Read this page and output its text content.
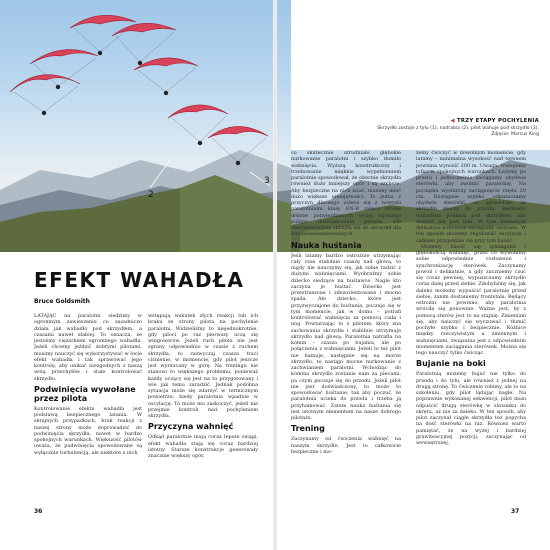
2
3
◀ TRZY ETAPY POCHYLENIA
Skrzydło zostaje z tyłu (1), nadrabia (2), pilot wahuje pod skrzydło (3). Zdjęcie: Marcus King
EFEKT WAHADŁA
Bruce Goldsmith

LATAJĄC na paralotni siedzimy w ogromnym zawieszeniu co zasadniczo działa jak wahadło pod skrzydłem, a czasami nawet słabiej. To oznacza, że jesteśmy ciężarkiem ogromnego wahadła. Jeżeli chcemy jeździć dobrymi pilotami, musimy nauczyć się wykorzystywać w locie efekt wahadła i tak sprawować jego kontrolę, aby unikać niezgodnych z naszą wolą przechyłów i stale kontrolować skrzydło.

Podwinięcia wywołane przez pilota

Kontrolowanie efektu wahadła jest podstawą bezpiecznego latania. W skrajnych przypadkach, brak reakcji z naszej strony może doprowadzić do podwinięcia skrzydła, nawet w bardzo spokojnych warunkach. Większość pilotów uważa, że podwinięcia spowodowane są wyłącznie turbulencją, ale niektóre z nich

wstępują wskutek złych reakcji lub ich braku ze strony pilota na pochylenie paralotni. Widzieliśmy to niejednokrotnie, gdy piloci po raz pierwszy uczą się wingowerów. Jeżeli ruch pilota nie jest zgrany odpowiednio w czasie z ruchem skrzydła, to zazwyczaj czasza traci ciśnienie, w momencie, gdy pilot jeszcze jest wyrzucany w górę. Na treningu nie stanowi to większego problemu, ponieważ każdy uczący się jest na to przygotowany i wie jak temu zaradzić. Jednak podobna sytuacja może się zdarzyć w termicznym powietrzu, kiedy paralotnia wpadnie w oscylację. To może mu zaskoczyć, jeżeli nie przejmie kontroli nad pochyleniem skrzydła.

Przyczyna wahnięć

Odkąd paralotnie mają coraz lepsze osiągi, efekt wahadła stają się coraz bardziej istotny. Starsze konstrukcje generowały znacznie większy opór,

co skutecznie utrudniało głębokie nurkowanie paralotni i szybko tłumiło wahnięcia. Wyższą konstruktorzy i trzebowanie miękkie wypełnieniem paralotnie spowodował, że obecnie skrzydła również dużo mniejszy opór i są szybsze. Aby bezpieczne na nich latać, musimy mieć dużo większe umiejętności. To jedna z przyczyn dlaczego zaleca się z nowymi paralotniami klasy EN-B zaleca stronę dobrze potwierdzonych wyżej ogólnego pułapu doświadczenia pilotów. Ich charakterystyka zbliżyła się do skrzydeł dla średniozaawansowanych.

Nauka huśtania

Jeśli latamy bardzo ostrożnie utrzymując cały czas stabilnie czaszę nad głową, to nigdy nie nauczymy się, jak sobie radzić z dużymi wahnięciami. Wyobraźmy sobie dziecko siedzące na huśtawce. Nagle kto zaczyna je huśtać. Dziecko jest przestraszone i zdezorientowane i mocno spada. Ale dziecko, które jest przyzwyczajone do huśtania, poczuje się w tym momencie, jak w domu – potrafi kontrolować wahnięcia za pomocą ciała i nóg. Powtarzając to z pilotem, który zna zachowania skrzydła i stabilnie utrzymuje skrzydło nad głową. Paralotnia natrafia na komin – czasza po bujaniu, ale po połączeniu z wahnięciami. Jeżeli to też pilot nie hamuje, następnie się na morze skrzydło, to nastąpi mocne nurkowanie z zachwianiem paralotni. Wchodząc do komina skrzydło zostanie nam za plecami, pa czym poczuje się do przodu. Jeżeli pilot nie jest doświadczony, to może to spowodować huśtanie, tak aby poczuć, że paralotnia ucieka do przodu i trzeba ją przyhamować. Zatem nauka huśtania się jest istotnym elementem na nasze dobrego pilotażu.

Trening

Zaczynamy od ćwiczenia wahnięć na naszym skrzydle. Jest to całkowicie bezpieczne i mo-

żemy ćwiczyć w dowolnym momencie, gdy latamy – minimalna wysokość nad terenem powinna wynosić 200 m. Uwaga: trenujemy tylko w spokojnych warunkach. Leżymy po prostu i jednocześnie zaciągamy obydwie sterówki, aby zwolnić paralotnię. Na początku wystarczy zaciągnięcie rzędu 20 cm. Następnie szybko odpuszczamy obydwie sterówki, co spowoduje, że skrzydło skoczy do przodu. Będziemy wahadłem poddani pod skrzydłem, aby znaleźć się pod nim. W tym momencie delikatnie ponownie zaciągamy sterówki. W ten sposób możemy regulować oscylacje i całkiem przyjemnie się przy tym bawić.

Możemy bawić się tymiagami i głębokością wahnięć, przez co wywołamy sobie odpowiednie rozłożenie i synchronizację sterówek. Zaczynamy powoli i delikatnie, a gdy zaczniemy czuć się coraz pewniej, wypuszczamy skrzydło coraz dalej przed siebie. Zdobyliśmy się, jak daleko możemy wypuścić paralotnię przed siebie, zanim dostaniemy frontstala. Będący ostrożni nie powinno, aby paralotnia wróciła się ponownie. Ważne jest, by z pomocą sterów jest to na stajnię. Zmieniam się, aby nauczyć się wyczuwać i tłumić pochyłe szybko i bezpiecznie. Różnice między rzeczywistym a zmiennym i wahnięciami, związania jest z odpowiednim momentem zaciągania sterówek. Można się tego nauczyć tylko ćwicząc.

Bujanie na boki

Paralotnią możemy bujać nie tylko do przodu i do tyłu, ale również z jednej na drugą stronę. To ćwiczenie robimy, ale to na szkoleniu, gdy pilot lądując nagle. Na poprawnie wykonanej sekwencji, pilot musi odpuścić drugą sterówkę w stosunku do skrętu, aż nie za daleko. W ten sposób, aby pilot zaczynał ciągle skrzydła też popycha na dość sterówki na raz. Również warto pamiętać, że na wyżej i bardziej grawiteacyjnej pozycji, zaczynając od wewnętrznej.

36	37
